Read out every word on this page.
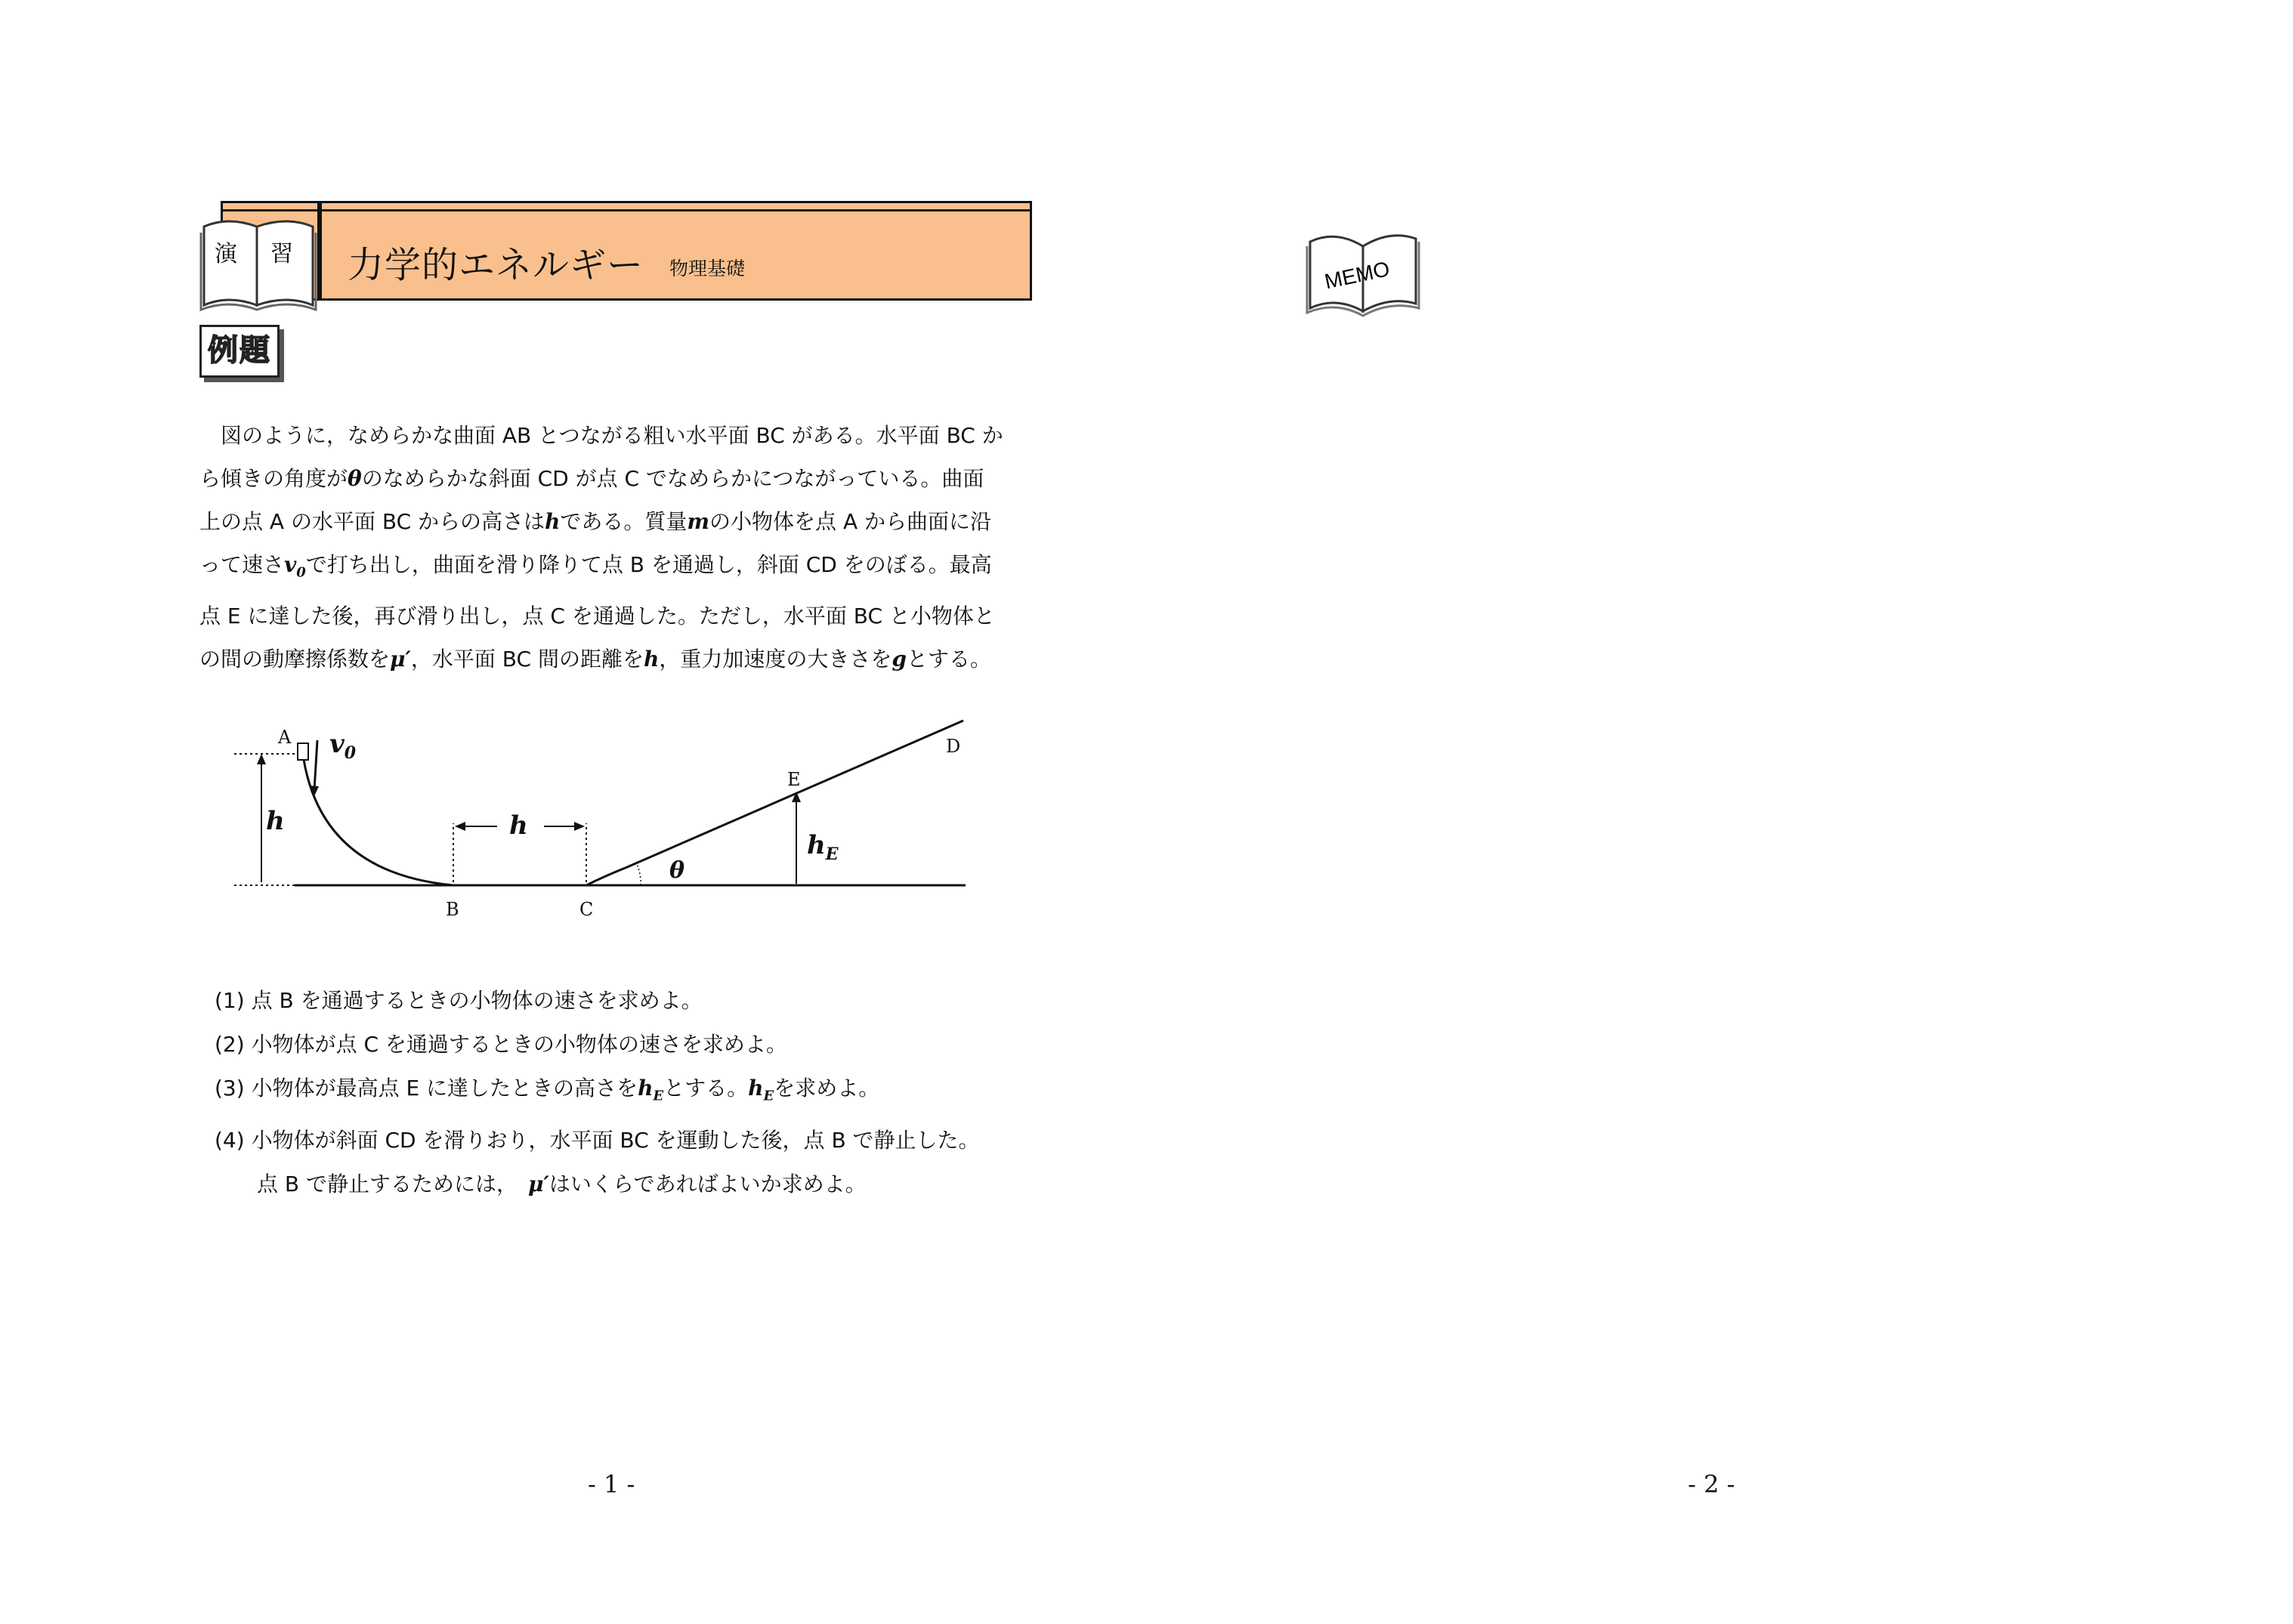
演 習 力学的エネルギー 物理基礎
例題
　図のように，なめらかな曲面 AB とつながる粗い水平面 BC がある。水平面 BC か
ら傾きの角度がθのなめらかな斜面 CD が点 C でなめらかにつながっている。曲面
上の点 A の水平面 BC からの高さはhである。質量mの小物体を点 A から曲面に沿
って速さ$v_0$で打ち出し，曲面を滑り降りて点 B を通過し，斜面 CD をのぼる。最高
点 E に達した後，再び滑り出し，点 C を通過した。ただし，水平面 BC と小物体と
の間の動摩擦係数をμ′，水平面 BC 間の距離をh，重力加速度の大きさをgとする。
A
B	C
D
E
$v_0$
h	h
$h_E$
θ
(1) 点 B を通過するときの小物体の速さを求めよ。
(2) 小物体が点 C を通過するときの小物体の速さを求めよ。
(3) 小物体が最高点 E に達したときの高さを$h_E$とする。$h_E$を求めよ。
(4) 小物体が斜面 CD を滑りおり，水平面 BC を運動した後，点 B で静止した。
　　点 B で静止するためには，　μ′はいくらであればよいか求めよ。
MEMO
- 1 -	- 2 -
